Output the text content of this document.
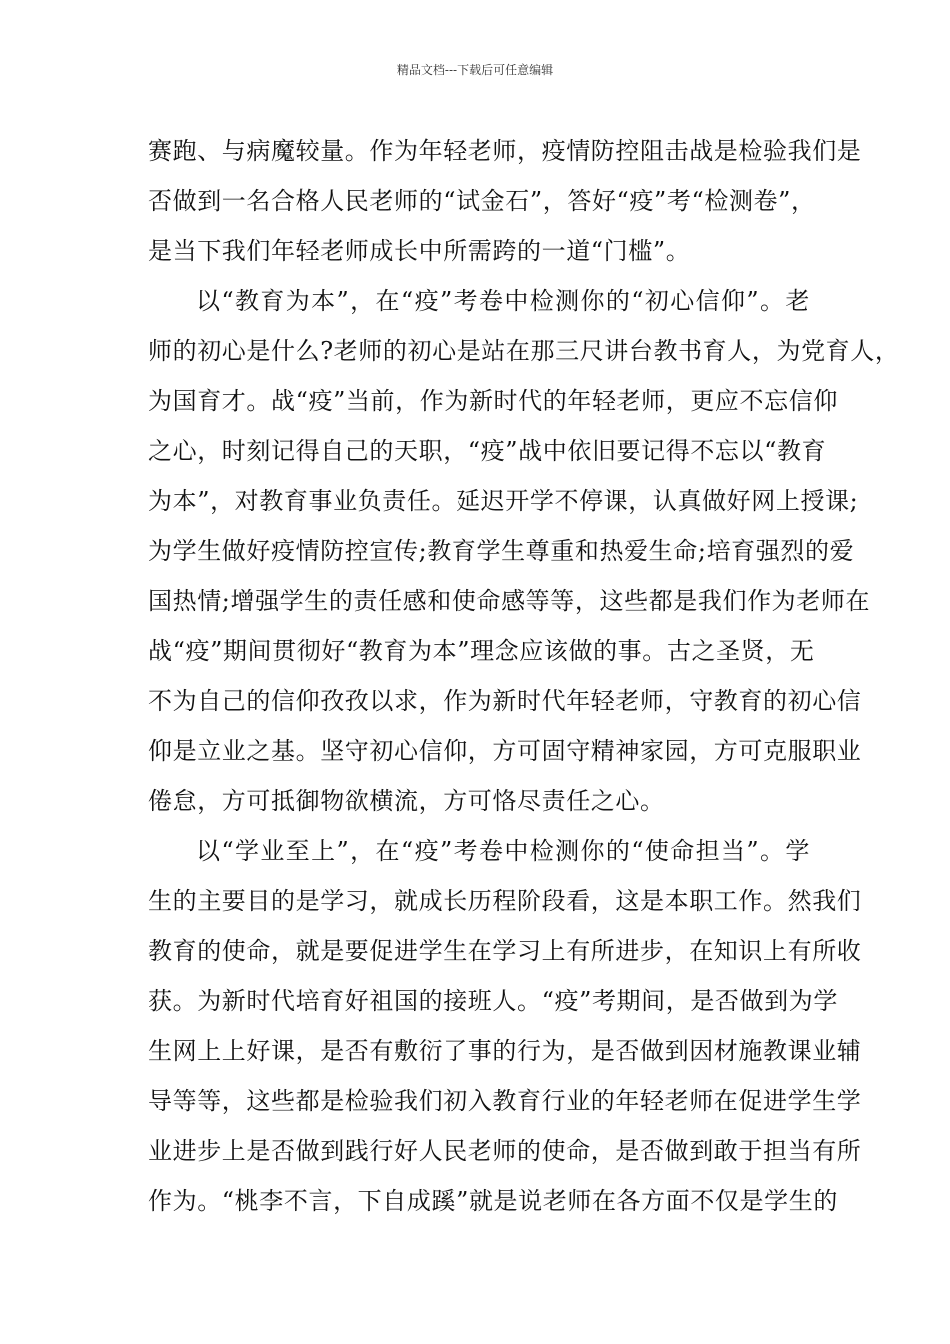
精品文档---下载后可任意编辑
赛跑、与病魔较量。作为年轻老师，疫情防控阻击战是检验我们是
否做到一名合格人民老师的“试金石”，答好“疫”考“检测卷”，
是当下我们年轻老师成长中所需跨的一道“门槛”。
以“教育为本”，在“疫”考卷中检测你的“初心信仰”。老
师的初心是什么?老师的初心是站在那三尺讲台教书育人，为党育人，
为国育才。战“疫”当前，作为新时代的年轻老师，更应不忘信仰
之心，时刻记得自己的天职，“疫”战中依旧要记得不忘以“教育
为本”，对教育事业负责任。延迟开学不停课，认真做好网上授课;
为学生做好疫情防控宣传;教育学生尊重和热爱生命;培育强烈的爱
国热情;增强学生的责任感和使命感等等，这些都是我们作为老师在
战“疫”期间贯彻好“教育为本”理念应该做的事。古之圣贤，无
不为自己的信仰孜孜以求，作为新时代年轻老师，守教育的初心信
仰是立业之基。坚守初心信仰，方可固守精神家园，方可克服职业
倦怠，方可抵御物欲横流，方可恪尽责任之心。
以“学业至上”，在“疫”考卷中检测你的“使命担当”。学
生的主要目的是学习，就成长历程阶段看，这是本职工作。然我们
教育的使命，就是要促进学生在学习上有所进步，在知识上有所收
获。为新时代培育好祖国的接班人。“疫”考期间，是否做到为学
生网上上好课，是否有敷衍了事的行为，是否做到因材施教课业辅
导等等，这些都是检验我们初入教育行业的年轻老师在促进学生学
业进步上是否做到践行好人民老师的使命，是否做到敢于担当有所
作为。“桃李不言，下自成蹊”就是说老师在各方面不仅是学生的
